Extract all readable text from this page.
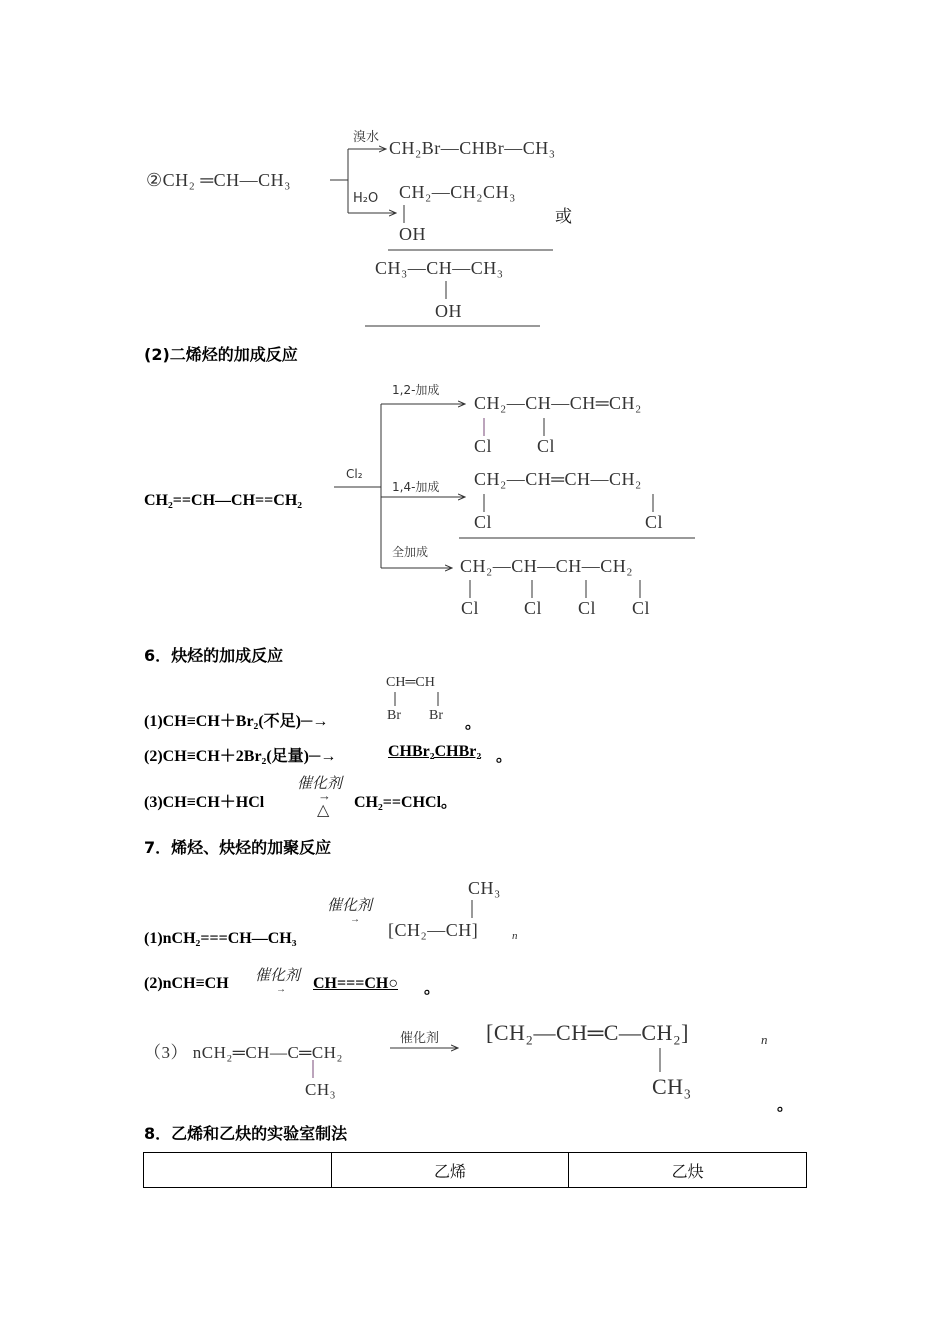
②CH₂ ═CH—CH₃
溴水
CH₂Br—CHBr—CH₃
H₂O CH₂—CH₂CH₃
OH
或
CH₃—CH—CH₃
OH
(2)二烯烃的加成反应
CH₂==CH—CH==CH₂
Cl₂
1,2-加成
CH₂—CH—CH═CH₂
Cl Cl
1,4-加成 CH₂—CH═CH—CH₂
Cl	Cl
全加成
CH₂—CH—CH—CH₂
Cl Cl Cl Cl
6．炔烃的加成反应
(1)CH≡CH＋Br₂(不足)─→
CH═CH
Br Br 。
(2)CH≡CH＋2Br₂(足量)─→	CHBr₂CHBr₂ 。
(3)CH≡CH＋HCl
催化剂
→
△ CH₂==CHCl。
7．烯烃、炔烃的加聚反应
催化剂
→
(1)nCH₂===CH—CH₃
CH₃
[CH₂—CH]	n
(2)nCH≡CH 催化剂
→ CH===CH○ 。
（3） nCH₂═CH—C═CH₂
CH₃
催化剂 [CH₂—CH═C—CH₂]	n
CH₃
。
8．乙烯和乙炔的实验室制法
	乙烯	乙炔
